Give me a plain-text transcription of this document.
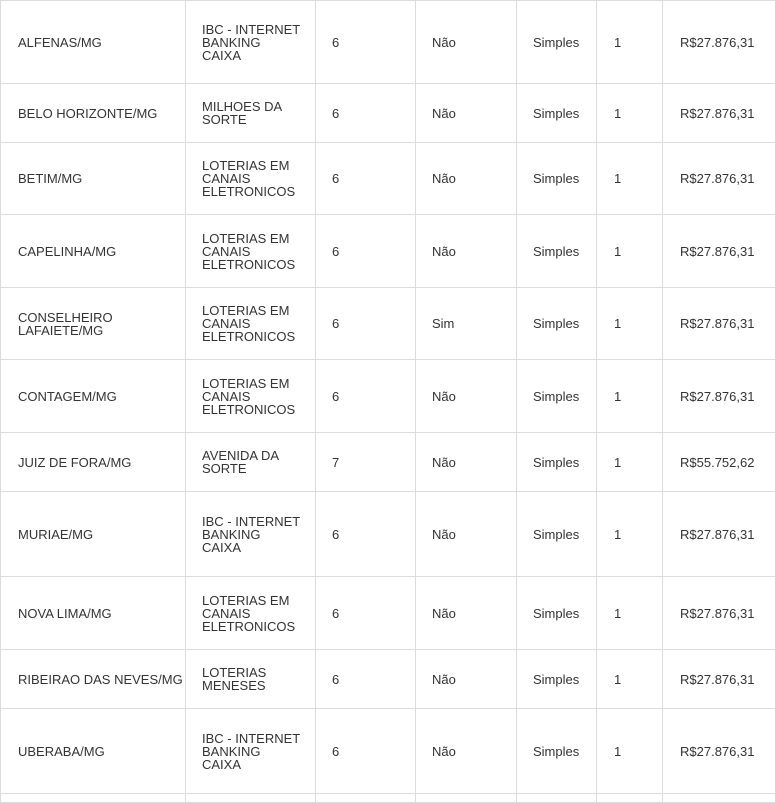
ALFENAS/MG	IBC - INTERNET BANKING CAIXA	6	Não	Simples	1	R$27.876,31
BELO HORIZONTE/MG	MILHOES DA SORTE	6	Não	Simples	1	R$27.876,31
BETIM/MG	LOTERIAS EM CANAIS ELETRONICOS	6	Não	Simples	1	R$27.876,31
CAPELINHA/MG	LOTERIAS EM CANAIS ELETRONICOS	6	Não	Simples	1	R$27.876,31
CONSELHEIRO LAFAIETE/MG	LOTERIAS EM CANAIS ELETRONICOS	6	Sim	Simples	1	R$27.876,31
CONTAGEM/MG	LOTERIAS EM CANAIS ELETRONICOS	6	Não	Simples	1	R$27.876,31
JUIZ DE FORA/MG	AVENIDA DA SORTE	7	Não	Simples	1	R$55.752,62
MURIAE/MG	IBC - INTERNET BANKING CAIXA	6	Não	Simples	1	R$27.876,31
NOVA LIMA/MG	LOTERIAS EM CANAIS ELETRONICOS	6	Não	Simples	1	R$27.876,31
RIBEIRAO DAS NEVES/MG	LOTERIAS MENESES	6	Não	Simples	1	R$27.876,31
UBERABA/MG	IBC - INTERNET BANKING CAIXA	6	Não	Simples	1	R$27.876,31
